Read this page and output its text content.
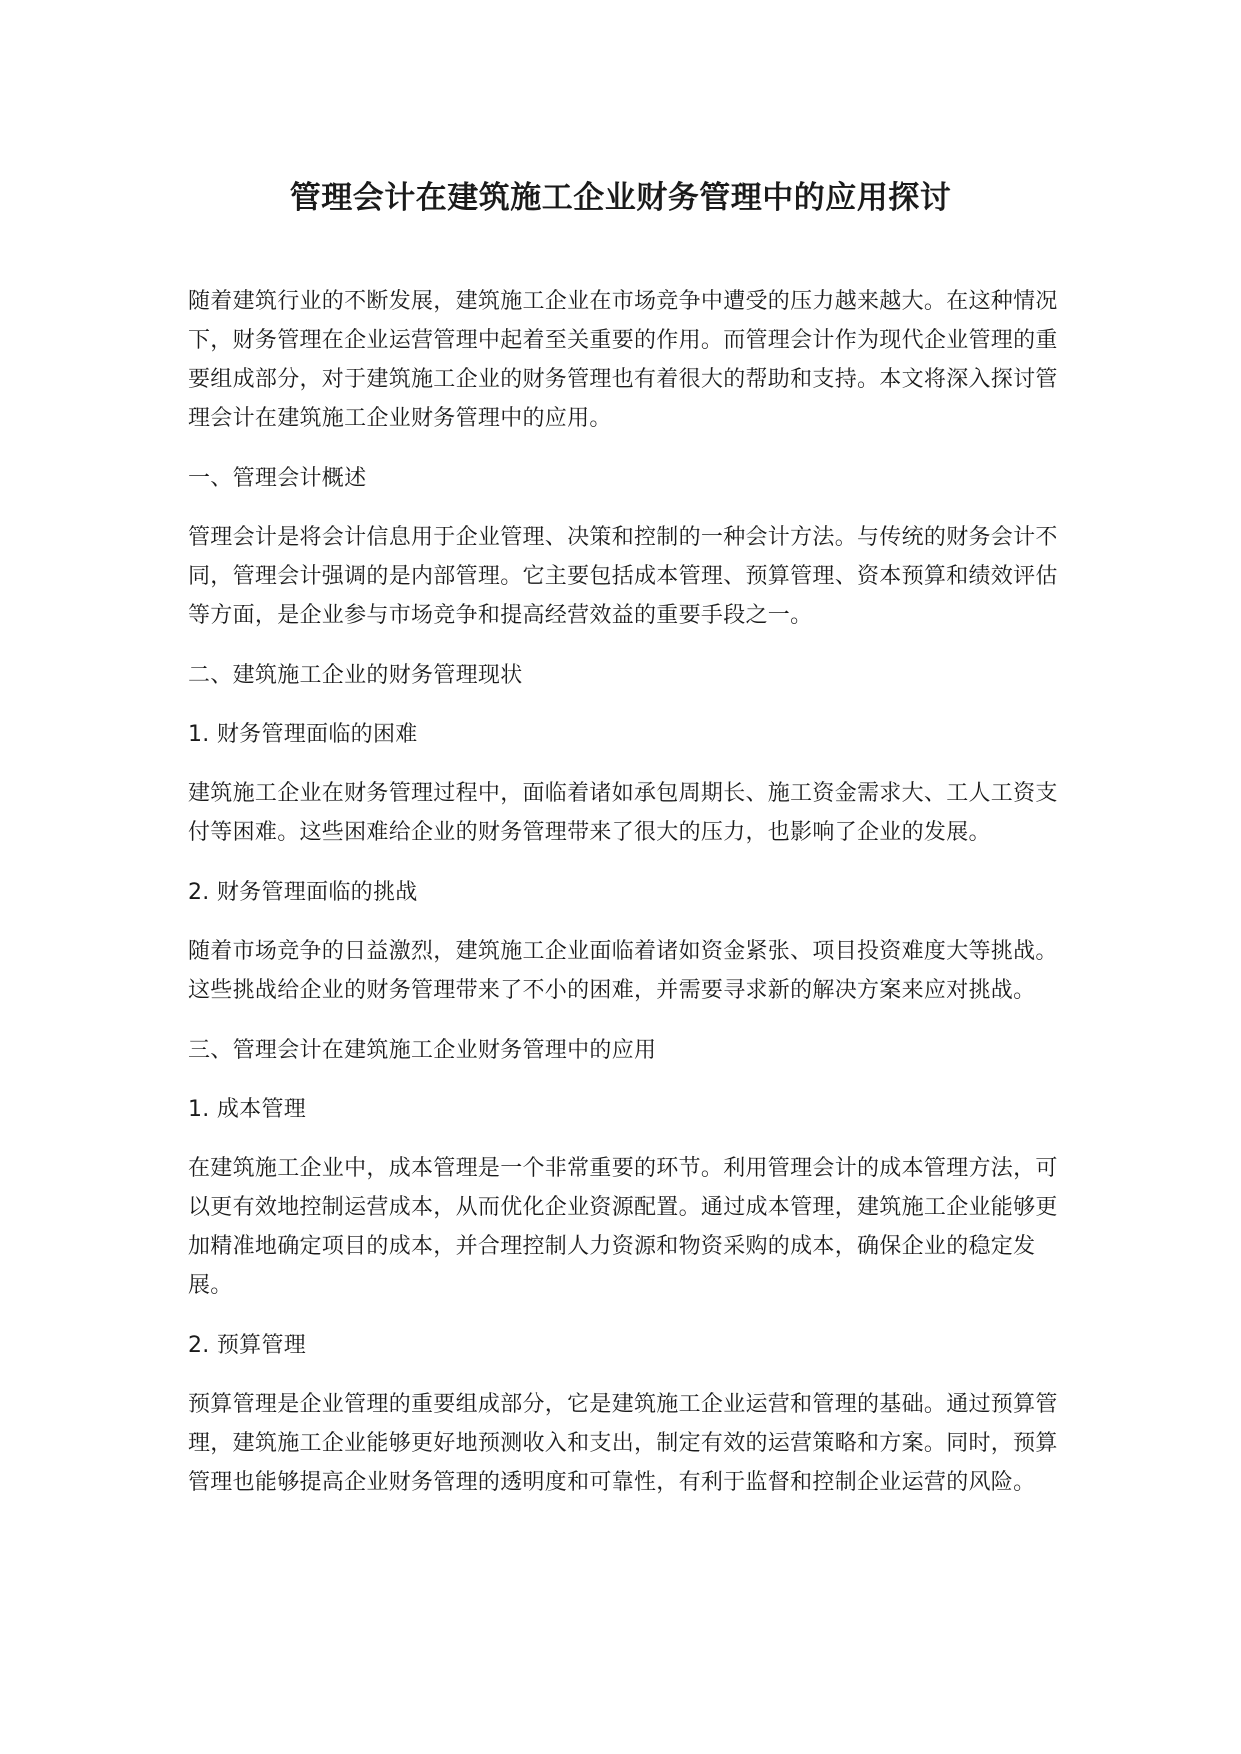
管理会计在建筑施工企业财务管理中的应用探讨

随着建筑行业的不断发展，建筑施工企业在市场竞争中遭受的压力越来越大。在这种情况下，财务管理在企业运营管理中起着至关重要的作用。而管理会计作为现代企业管理的重要组成部分，对于建筑施工企业的财务管理也有着很大的帮助和支持。本文将深入探讨管理会计在建筑施工企业财务管理中的应用。

一、管理会计概述

管理会计是将会计信息用于企业管理、决策和控制的一种会计方法。与传统的财务会计不同，管理会计强调的是内部管理。它主要包括成本管理、预算管理、资本预算和绩效评估等方面，是企业参与市场竞争和提高经营效益的重要手段之一。

二、建筑施工企业的财务管理现状

1. 财务管理面临的困难

建筑施工企业在财务管理过程中，面临着诸如承包周期长、施工资金需求大、工人工资支付等困难。这些困难给企业的财务管理带来了很大的压力，也影响了企业的发展。

2. 财务管理面临的挑战

随着市场竞争的日益激烈，建筑施工企业面临着诸如资金紧张、项目投资难度大等挑战。这些挑战给企业的财务管理带来了不小的困难，并需要寻求新的解决方案来应对挑战。

三、管理会计在建筑施工企业财务管理中的应用

1. 成本管理

在建筑施工企业中，成本管理是一个非常重要的环节。利用管理会计的成本管理方法，可以更有效地控制运营成本，从而优化企业资源配置。通过成本管理，建筑施工企业能够更加精准地确定项目的成本，并合理控制人力资源和物资采购的成本，确保企业的稳定发展。

2. 预算管理

预算管理是企业管理的重要组成部分，它是建筑施工企业运营和管理的基础。通过预算管理，建筑施工企业能够更好地预测收入和支出，制定有效的运营策略和方案。同时，预算管理也能够提高企业财务管理的透明度和可靠性，有利于监督和控制企业运营的风险。
